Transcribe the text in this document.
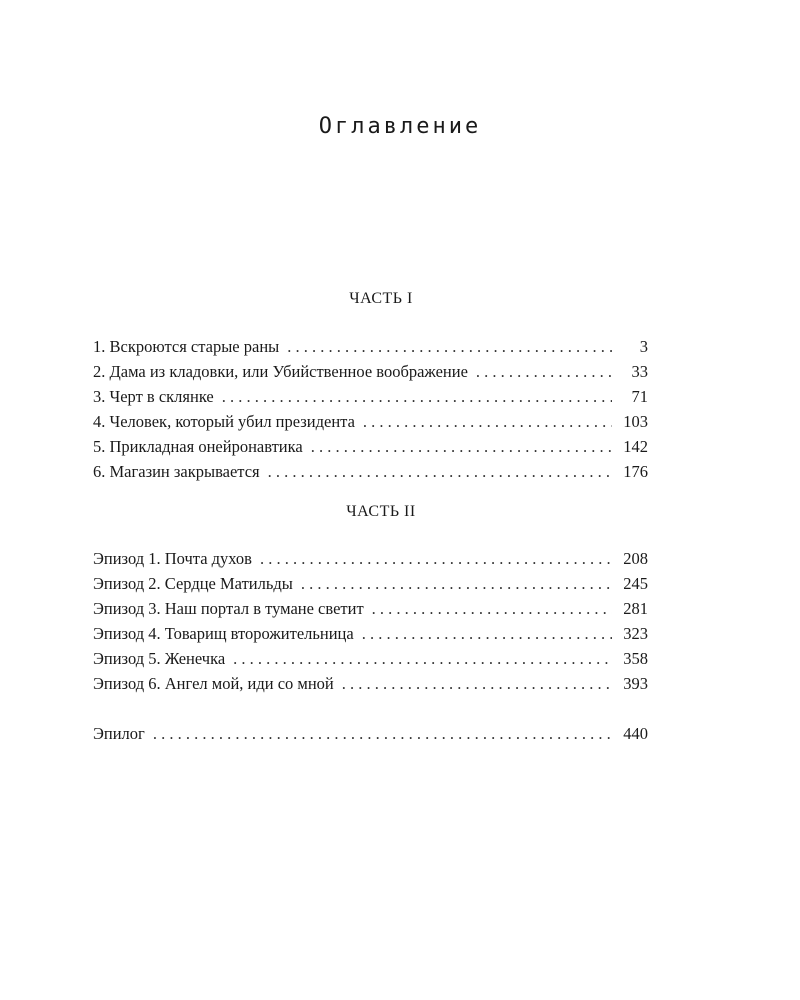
Оглавление
ЧАСТЬ I
1. Вскроются старые раны . . .	3
2. Дама из кладовки, или Убийственное воображение . . .	33
3. Черт в склянке . . .	71
4. Человек, который убил президента . . .	103
5. Прикладная онейронавтика . . .	142
6. Магазин закрывается . . .	176
ЧАСТЬ II
Эпизод 1. Почта духов . . .	208
Эпизод 2. Сердце Матильды . . .	245
Эпизод 3. Наш портал в тумане светит . . .	281
Эпизод 4. Товарищ второжительница . . .	323
Эпизод 5. Женечка . . .	358
Эпизод 6. Ангел мой, иди со мной . . .	393
Эпилог . . .	440
